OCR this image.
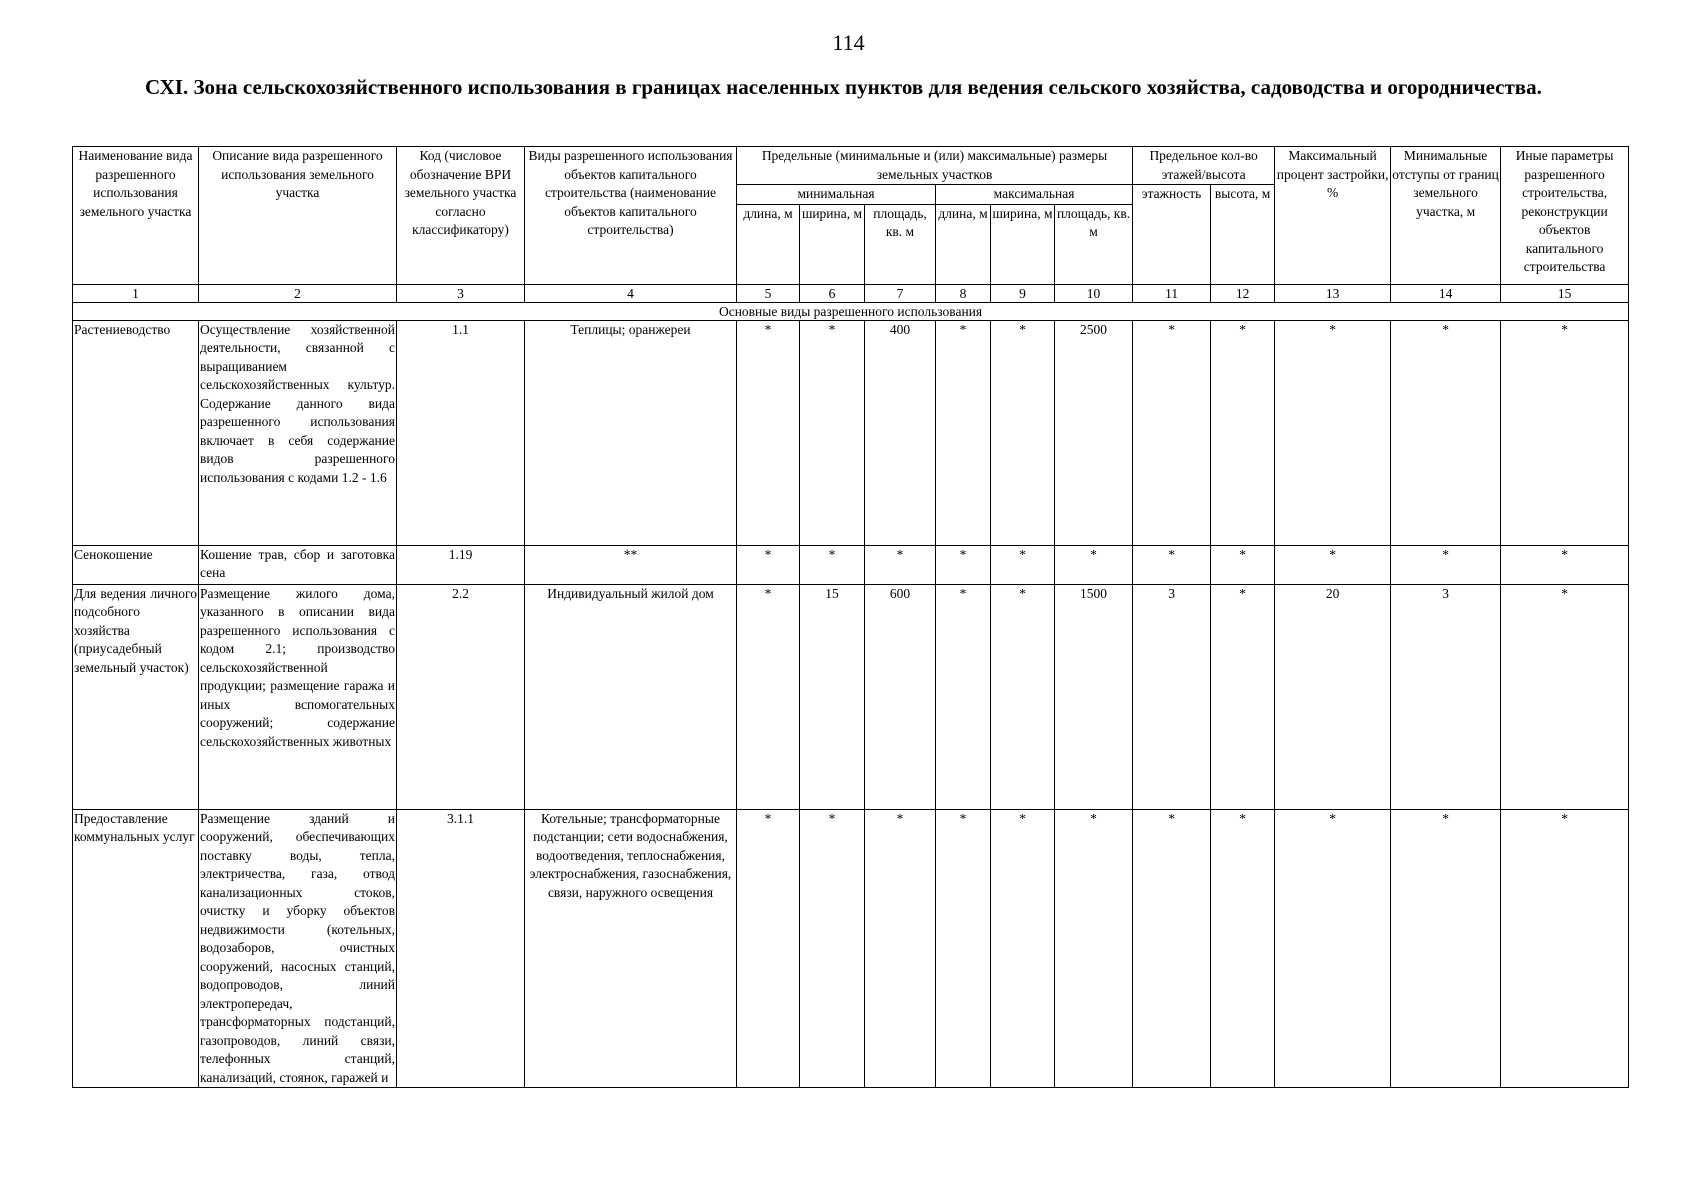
114
СХI. Зона сельскохозяйственного использования в границах населенных пунктов для ведения сельского хозяйства, садоводства и огородничества.
Наименование вида разрешенного использования земельного участка	Описание вида разрешенного использования земельного участка	Код (числовое обозначение ВРИ земельного участка согласно классификатору)	Виды разрешенного использования объектов капитального строительства (наименование объектов капитального строительства)	Предельные (минимальные и (или) максимальные) размеры земельных участков						Предельное кол-во этажей/высота		Максимальный процент застройки, %	Минимальные отступы от границ земельного участка, м	Иные параметры разрешенного строительства, реконструкции объектов капитального строительства
				минимальная			максимальная			этажность	высота, м			
				длина, м	ширина, м	площадь, кв. м	длина, м	ширина, м	площадь, кв. м					
1	2	3	4	5	6	7	8	9	10	11	12	13	14	15
Основные виды разрешенного использования														
Растениеводство	Осуществление хозяйственной деятельности, связанной с выращиванием сельскохозяйственных культур. Содержание данного вида разрешенного использования включает в себя содержание видов разрешенного использования с кодами 1.2 - 1.6	1.1	Теплицы; оранжереи	*	*	400	*	*	2500	*	*	*	*	*
Сенокошение	Кошение трав, сбор и заготовка сена	1.19	**	*	*	*	*	*	*	*	*	*	*	*
Для ведения личного подсобного хозяйства (приусадебный земельный участок)	Размещение жилого дома, указанного в описании вида разрешенного использования с кодом 2.1; производство сельскохозяйственной продукции; размещение гаража и иных вспомогательных сооружений; содержание сельскохозяйственных животных	2.2	Индивидуальный жилой дом	*	15	600	*	*	1500	3	*	20	3	*
Предоставление коммунальных услуг	Размещение зданий и сооружений, обеспечивающих поставку воды, тепла, электричества, газа, отвод канализационных стоков, очистку и уборку объектов недвижимости (котельных, водозаборов, очистных сооружений, насосных станций, водопроводов, линий электропередач, трансформаторных подстанций, газопроводов, линий связи, телефонных станций, канализаций, стоянок, гаражей и	3.1.1	Котельные; трансформаторные подстанции; сети водоснабжения, водоотведения, теплоснабжения, электроснабжения, газоснабжения, связи, наружного освещения	*	*	*	*	*	*	*	*	*	*	*
